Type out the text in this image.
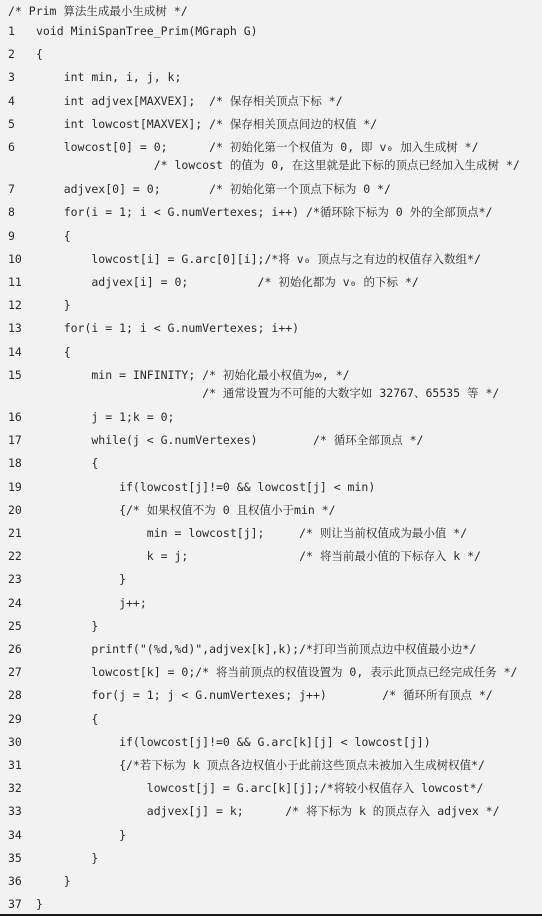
/* Prim 算法生成最小生成树 */
1	void MiniSpanTree_Prim(MGraph G)
2	{
3	int min, i, j, k;
4	int adjvex[MAXVEX];  /* 保存相关顶点下标 */
5	int lowcost[MAXVEX]; /* 保存相关顶点间边的权值 */
6	lowcost[0] = 0;      /* 初始化第一个权值为 0, 即 v₀ 加入生成树 */
/* lowcost 的值为 0, 在这里就是此下标的顶点已经加入生成树 */
7	adjvex[0] = 0;       /* 初始化第一个顶点下标为 0 */
8	for(i = 1; i < G.numVertexes; i++) /*循环除下标为 0 外的全部顶点*/
9	{
10	lowcost[i] = G.arc[0][i];/*将 v₀ 顶点与之有边的权值存入数组*/
11	adjvex[i] = 0;          /* 初始化都为 v₀ 的下标 */
12	}
13	for(i = 1; i < G.numVertexes; i++)
14	{
15	min = INFINITY; /* 初始化最小权值为∞, */
/* 通常设置为不可能的大数字如 32767、65535 等 */
16	j = 1;k = 0;
17	while(j < G.numVertexes)        /* 循环全部顶点 */
18	{
19	if(lowcost[j]!=0 && lowcost[j] < min)
20	{/* 如果权值不为 0 且权值小于min */
21	min = lowcost[j];     /* 则让当前权值成为最小值 */
22	k = j;                /* 将当前最小值的下标存入 k */
23	}
24	j++;
25	}
26	printf("(%d,%d)",adjvex[k],k);/*打印当前顶点边中权值最小边*/
27	lowcost[k] = 0;/* 将当前顶点的权值设置为 0, 表示此顶点已经完成任务 */
28	for(j = 1; j < G.numVertexes; j++)        /* 循环所有顶点 */
29	{
30	if(lowcost[j]!=0 && G.arc[k][j] < lowcost[j])
31	{/*若下标为 k 顶点各边权值小于此前这些顶点未被加入生成树权值*/
32	lowcost[j] = G.arc[k][j];/*将较小权值存入 lowcost*/
33	adjvex[j] = k;      /* 将下标为 k 的顶点存入 adjvex */
34	}
35	}
36	}
37	}
